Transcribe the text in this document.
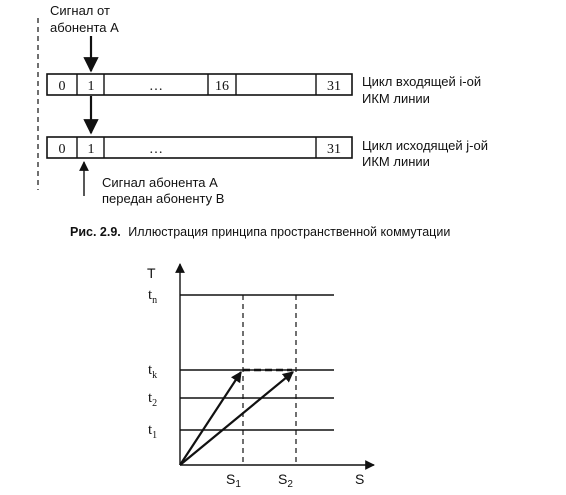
Сигнал от
абонента А
0 1	…	16	31 Цикл входящей i-ой
ИКМ линии
0 1	…	31 Цикл исходящей j-ой
ИКМ линии
Сигнал абонента А
передан абоненту В
Рис. 2.9. Иллюстрация принципа пространственной коммутации
T
S
$t_n$
$t_k$
$t_2$
$t_1$
$S_1$	$S_2$
